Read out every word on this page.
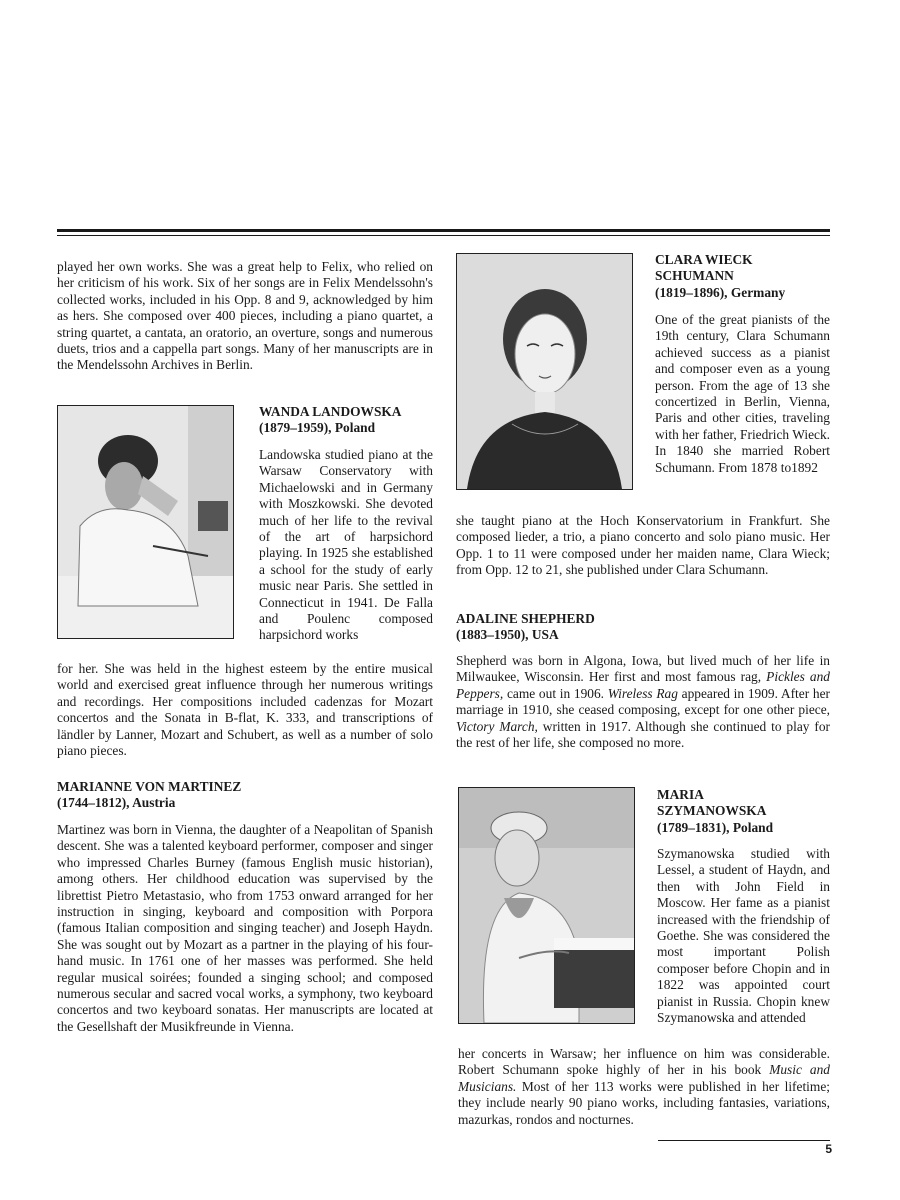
played her own works. She was a great help to Felix, who relied on her criticism of his work. Six of her songs are in Felix Mendelssohn's collected works, included in his Opp. 8 and 9, acknowledged by him as hers. She composed over 400 pieces, including a piano quartet, a string quartet, a cantata, an oratorio, an overture, songs and numerous duets, trios and a cappella part songs. Many of her manuscripts are in the Mendelssohn Archives in Berlin.

WANDA LANDOWSKA
(1879–1959), Poland

Landowska studied piano at the Warsaw Conservatory with Michaelowski and in Germany with Moszkowski. She devoted much of her life to the revival of the art of harpsichord playing. In 1925 she established a school for the study of early music near Paris. She settled in Connecticut in 1941. De Falla and Poulenc composed harpsichord works

for her. She was held in the highest esteem by the entire musical world and exercised great influence through her numerous writings and recordings. Her compositions included cadenzas for Mozart concertos and the Sonata in B-flat, K. 333, and transcriptions of ländler by Lanner, Mozart and Schubert, as well as a number of solo piano pieces.

MARIANNE VON MARTINEZ
(1744–1812), Austria

Martinez was born in Vienna, the daughter of a Neapolitan of Spanish descent. She was a talented keyboard performer, composer and singer who impressed Charles Burney (famous English music historian), among others. Her childhood education was supervised by the librettist Pietro Metastasio, who from 1753 onward arranged for her instruction in singing, keyboard and composition with Porpora (famous Italian composition and singing teacher) and Joseph Haydn. She was sought out by Mozart as a partner in the playing of his four-hand music. In 1761 one of her masses was performed. She held regular musical soirées; founded a singing school; and composed numerous secular and sacred vocal works, a symphony, two keyboard concertos and two keyboard sonatas. Her manuscripts are located at the Gesellshaft der Musikfreunde in Vienna.

CLARA WIECK
SCHUMANN
(1819–1896), Germany

One of the great pianists of the 19th century, Clara Schumann achieved success as a pianist and composer even as a young person. From the age of 13 she concertized in Berlin, Vienna, Paris and other cities, traveling with her father, Friedrich Wieck. In 1840 she married Robert Schumann. From 1878 to1892

she taught piano at the Hoch Konservatorium in Frankfurt. She composed lieder, a trio, a piano concerto and solo piano music. Her Opp. 1 to 11 were composed under her maiden name, Clara Wieck; from Opp. 12 to 21, she published under Clara Schumann.

ADALINE SHEPHERD
(1883–1950), USA

Shepherd was born in Algona, Iowa, but lived much of her life in Milwaukee, Wisconsin. Her first and most famous rag, Pickles and Peppers, came out in 1906. Wireless Rag appeared in 1909. After her marriage in 1910, she ceased composing, except for one other piece, Victory March, written in 1917. Although she continued to play for the rest of her life, she composed no more.

MARIA
SZYMANOWSKA
(1789–1831), Poland

Szymanowska studied with Lessel, a student of Haydn, and then with John Field in Moscow. Her fame as a pianist increased with the friendship of Goethe. She was considered the most important Polish composer before Chopin and in 1822 was appointed court pianist in Russia. Chopin knew Szymanowska and attended

her concerts in Warsaw; her influence on him was considerable. Robert Schumann spoke highly of her in his book Music and Musicians. Most of her 113 works were published in her lifetime; they include nearly 90 piano works, including fantasies, variations, mazurkas, rondos and nocturnes.

5
